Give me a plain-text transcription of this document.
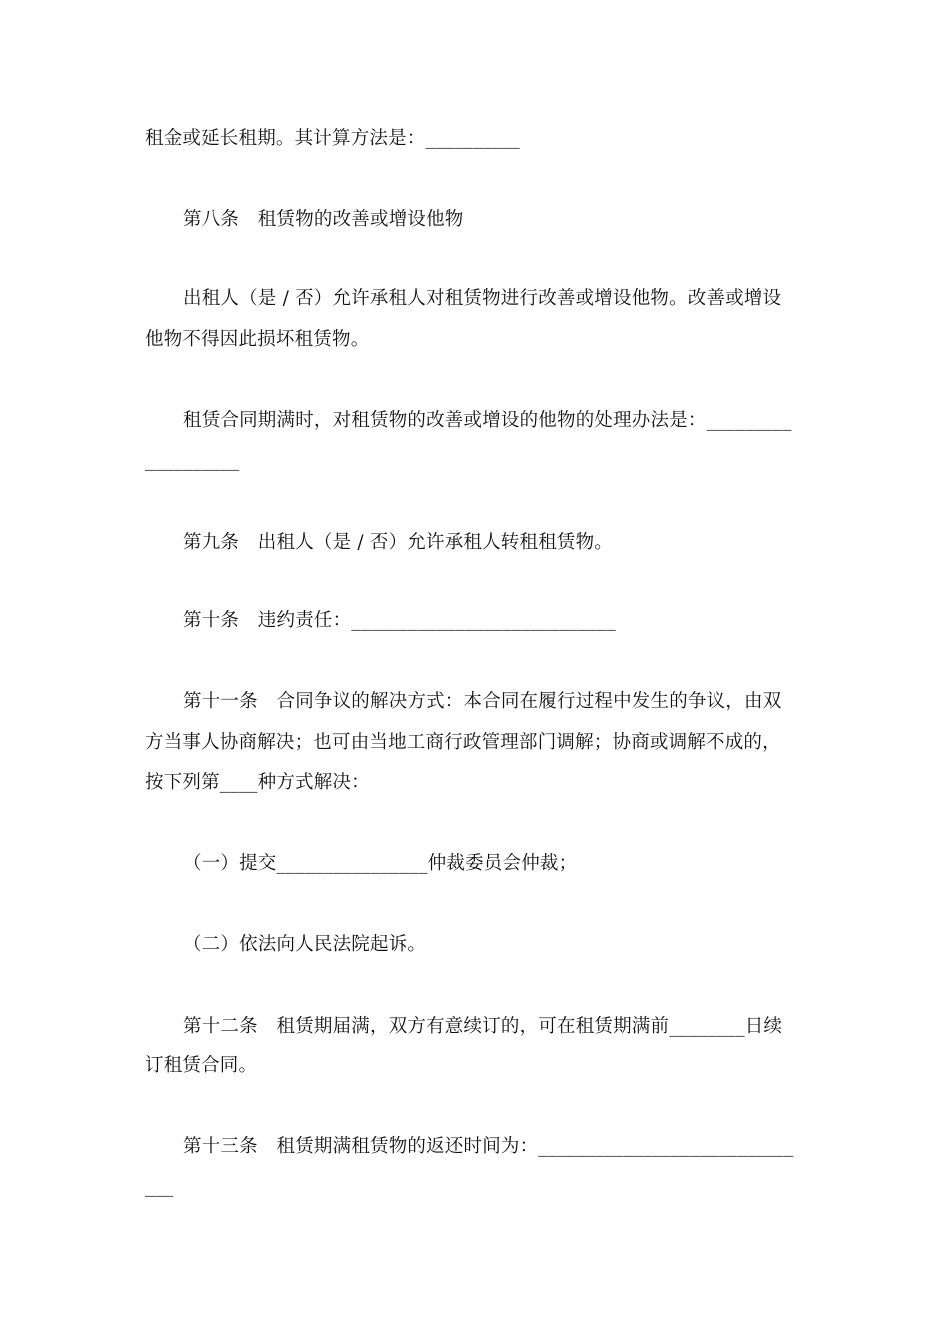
租金或延长租期。其计算方法是：__________
第八条　租赁物的改善或增设他物
出租人（是 / 否）允许承租人对租赁物进行改善或增设他物。改善或增设
他物不得因此损坏租赁物。
租赁合同期满时，对租赁物的改善或增设的他物的处理办法是：_________
__________
第九条　出租人（是 / 否）允许承租人转租租赁物。
第十条　违约责任：____________________________
第十一条　合同争议的解决方式：本合同在履行过程中发生的争议，由双
方当事人协商解决；也可由当地工商行政管理部门调解；协商或调解不成的，
按下列第____种方式解决：
（一）提交________________仲裁委员会仲裁；
（二）依法向人民法院起诉。
第十二条　租赁期届满，双方有意续订的，可在租赁期满前________日续
订租赁合同。
第十三条　租赁期满租赁物的返还时间为：___________________________
___
